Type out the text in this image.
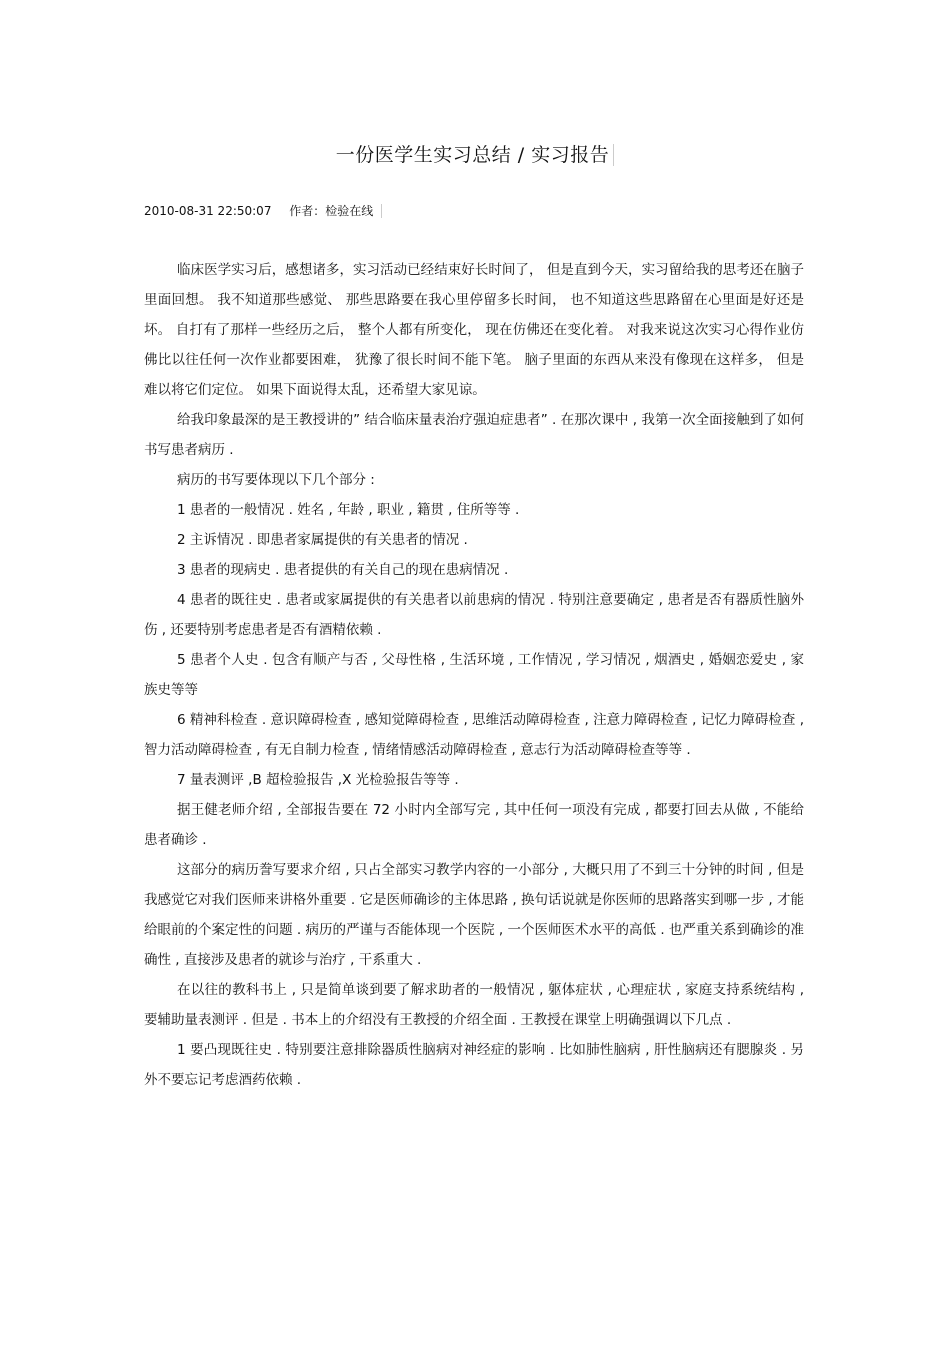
一份医学生实习总结 / 实习报告
2010-08-31 22:50:07 作者：检验在线

临床医学实习后，感想诸多，实习活动已经结束好长时间了， 但是直到今天，实习留给我的思考还在脑子里面回想。 我不知道那些感觉、 那些思路要在我心里停留多长时间， 也不知道这些思路留在心里面是好还是坏。 自打有了那样一些经历之后， 整个人都有所变化， 现在仿佛还在变化着。 对我来说这次实习心得作业仿佛比以往任何一次作业都要困难， 犹豫了很长时间不能下笔。 脑子里面的东西从来没有像现在这样多， 但是难以将它们定位。 如果下面说得太乱，还希望大家见谅。

给我印象最深的是王教授讲的” 结合临床量表治疗强迫症患者” . 在那次课中 , 我第一次全面接触到了如何书写患者病历 .

病历的书写要体现以下几个部分 :

1 患者的一般情况 . 姓名 , 年龄 , 职业 , 籍贯 , 住所等等 .

2 主诉情况 . 即患者家属提供的有关患者的情况 .

3 患者的现病史 . 患者提供的有关自己的现在患病情况 .

4 患者的既往史 . 患者或家属提供的有关患者以前患病的情况 . 特别注意要确定 , 患者是否有器质性脑外伤 , 还要特别考虑患者是否有酒精依赖 .

5 患者个人史 . 包含有顺产与否 , 父母性格 , 生活环境 , 工作情况 , 学习情况 , 烟酒史 , 婚姻恋爱史 , 家族史等等

6 精神科检查 . 意识障碍检查 , 感知觉障碍检查 , 思维活动障碍检查 , 注意力障碍检查 , 记忆力障碍检查 , 智力活动障碍检查 , 有无自制力检查 , 情绪情感活动障碍检查 , 意志行为活动障碍检查等等 .

7 量表测评 ,B 超检验报告 ,X 光检验报告等等 .

据王健老师介绍 , 全部报告要在 72 小时内全部写完 , 其中任何一项没有完成 , 都要打回去从做 , 不能给患者确诊 .

这部分的病历誊写要求介绍 , 只占全部实习教学内容的一小部分 , 大概只用了不到三十分钟的时间 , 但是我感觉它对我们医师来讲格外重要 . 它是医师确诊的主体思路 , 换句话说就是你医师的思路落实到哪一步 , 才能给眼前的个案定性的问题 . 病历的严谨与否能体现一个医院 , 一个医师医术水平的高低 . 也严重关系到确诊的准确性 , 直接涉及患者的就诊与治疗 , 干系重大 .

在以往的教科书上 , 只是简单谈到要了解求助者的一般情况 , 躯体症状 , 心理症状 , 家庭支持系统结构 , 要辅助量表测评 . 但是 . 书本上的介绍没有王教授的介绍全面 . 王教授在课堂上明确强调以下几点 .

1 要凸现既往史 . 特别要注意排除器质性脑病对神经症的影响 . 比如肺性脑病 , 肝性脑病还有腮腺炎 . 另外不要忘记考虑酒药依赖 .
